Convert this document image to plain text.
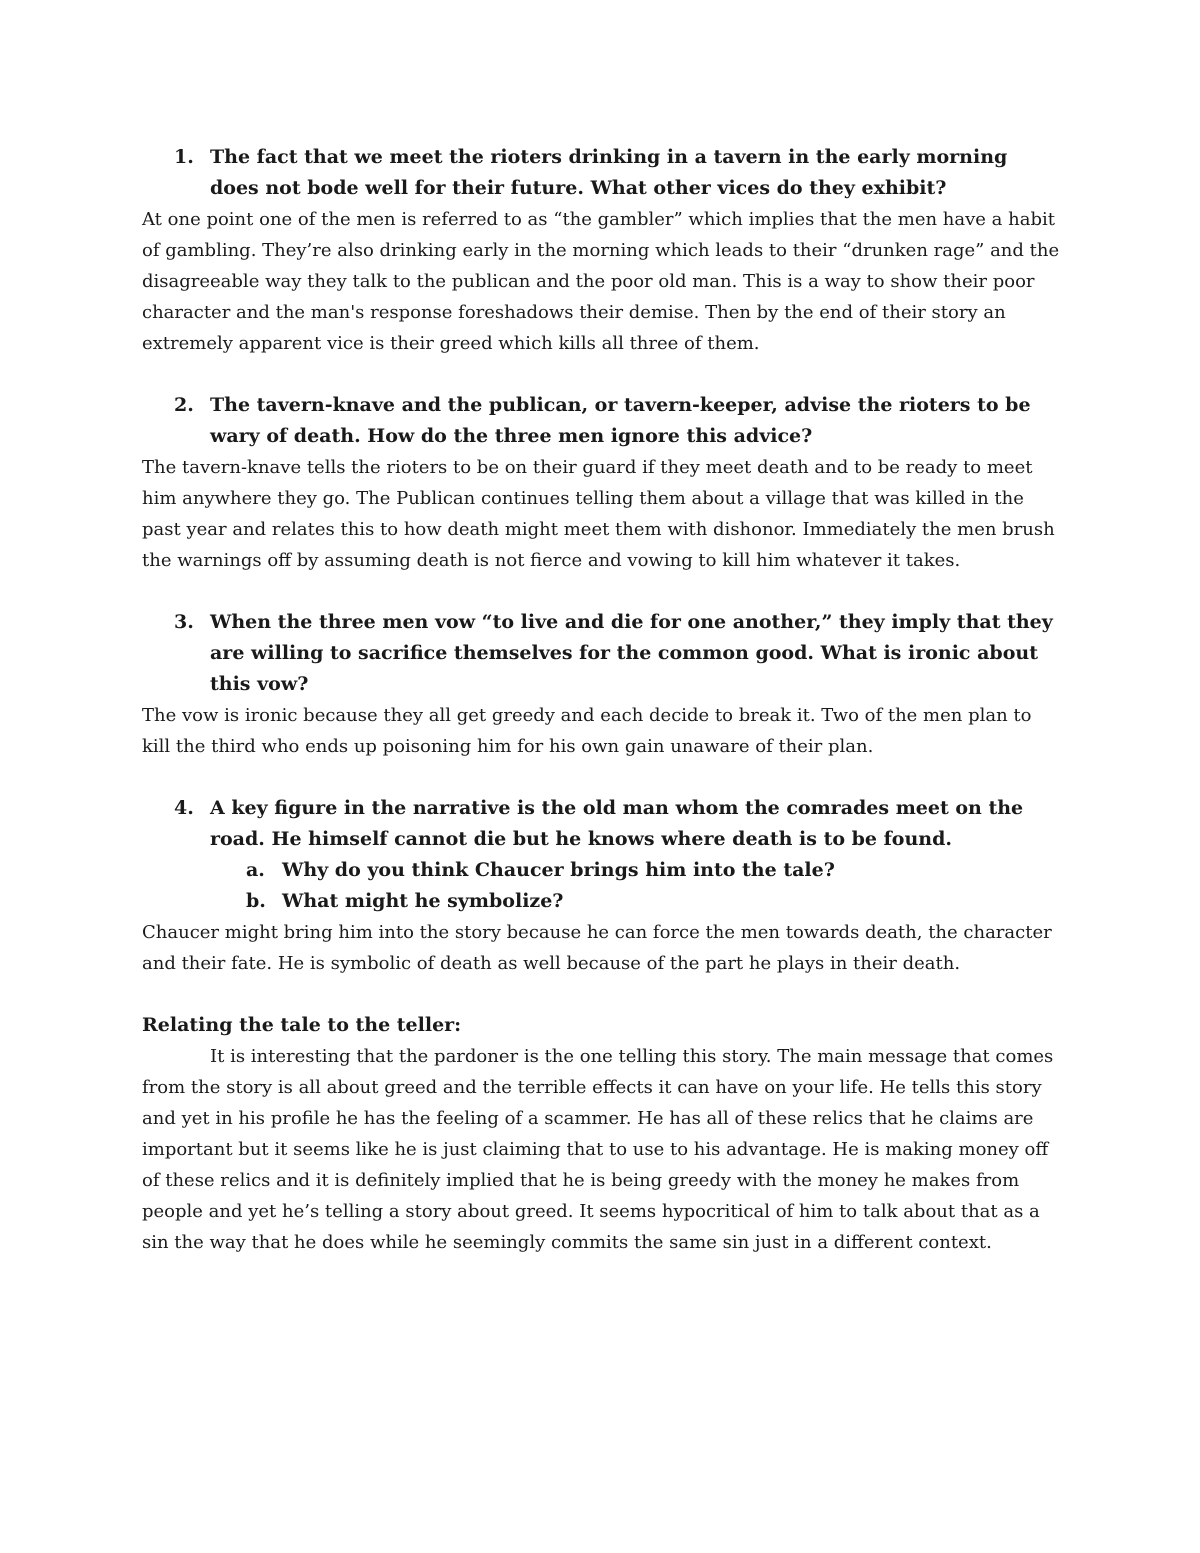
1. The fact that we meet the rioters drinking in a tavern in the early morning does not bode well for their future. What other vices do they exhibit?

At one point one of the men is referred to as “the gambler” which implies that the men have a habit of gambling. They’re also drinking early in the morning which leads to their “drunken rage” and the disagreeable way they talk to the publican and the poor old man. This is a way to show their poor character and the man's response foreshadows their demise. Then by the end of their story an extremely apparent vice is their greed which kills all three of them.

2. The tavern-knave and the publican, or tavern-keeper, advise the rioters to be wary of death. How do the three men ignore this advice?

The tavern-knave tells the rioters to be on their guard if they meet death and to be ready to meet him anywhere they go. The Publican continues telling them about a village that was killed in the past year and relates this to how death might meet them with dishonor. Immediately the men brush the warnings off by assuming death is not fierce and vowing to kill him whatever it takes.

3. When the three men vow “to live and die for one another,” they imply that they are willing to sacrifice themselves for the common good. What is ironic about this vow?

The vow is ironic because they all get greedy and each decide to break it. Two of the men plan to kill the third who ends up poisoning him for his own gain unaware of their plan.

4. A key figure in the narrative is the old man whom the comrades meet on the road. He himself cannot die but he knows where death is to be found.
a. Why do you think Chaucer brings him into the tale?
b. What might he symbolize?

Chaucer might bring him into the story because he can force the men towards death, the character and their fate. He is symbolic of death as well because of the part he plays in their death.

Relating the tale to the teller:

It is interesting that the pardoner is the one telling this story. The main message that comes from the story is all about greed and the terrible effects it can have on your life. He tells this story and yet in his profile he has the feeling of a scammer. He has all of these relics that he claims are important but it seems like he is just claiming that to use to his advantage. He is making money off of these relics and it is definitely implied that he is being greedy with the money he makes from people and yet he’s telling a story about greed. It seems hypocritical of him to talk about that as a sin the way that he does while he seemingly commits the same sin just in a different context.
